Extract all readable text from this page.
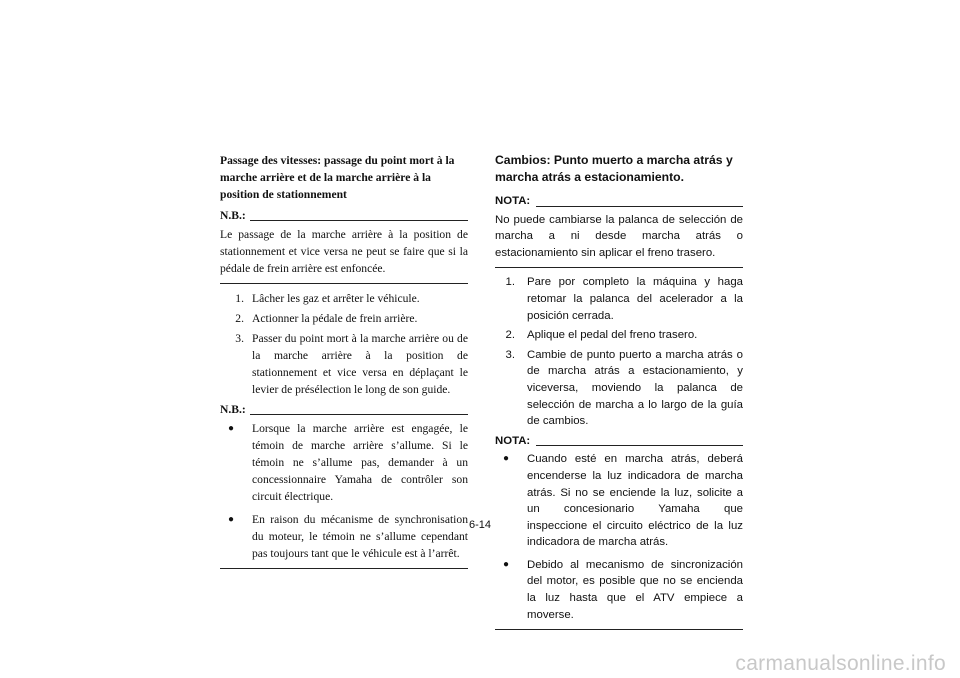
Passage des vitesses: passage du point mort à la marche arrière et de la marche arrière à la position de stationnement
N.B.:
Le passage de la marche arrière à la position de stationnement et vice versa ne peut se faire que si la pédale de frein arrière est enfoncée.
1. Lâcher les gaz et arrêter le véhicule.
2. Actionner la pédale de frein arrière.
3. Passer du point mort à la marche arrière ou de la marche arrière à la position de stationnement et vice versa en déplaçant le levier de présélection le long de son guide.
N.B.:
●	Lorsque la marche arrière est engagée, le témoin de marche arrière s’allume. Si le témoin ne s’allume pas, demander à un concessionnaire Yamaha de contrôler son circuit électrique.
●	En raison du mécanisme de synchronisation du moteur, le témoin ne s’allume cependant pas toujours tant que le véhicule est à l’arrêt.
Cambios: Punto muerto a marcha atrás y marcha atrás a estacionamiento.
NOTA:
No puede cambiarse la palanca de selección de marcha a ni desde marcha atrás o estacionamiento sin aplicar el freno trasero.
1.	Pare por completo la máquina y haga retomar la palanca del acelerador a la posición cerrada.
2.	Aplique el pedal del freno trasero.
3.	Cambie de punto puerto a marcha atrás o de marcha atrás a estacionamiento, y viceversa, moviendo la palanca de selección de marcha a lo largo de la guía de cambios.
NOTA:
●	Cuando esté en marcha atrás, deberá encenderse la luz indicadora de marcha atrás. Si no se enciende la luz, solicite a un concesionario Yamaha que inspeccione el circuito eléctrico de la luz indicadora de marcha atrás.
●	Debido al mecanismo de sincronización del motor, es posible que no se encienda la luz hasta que el ATV empiece a moverse.
6-14
carmanualsonline.info
